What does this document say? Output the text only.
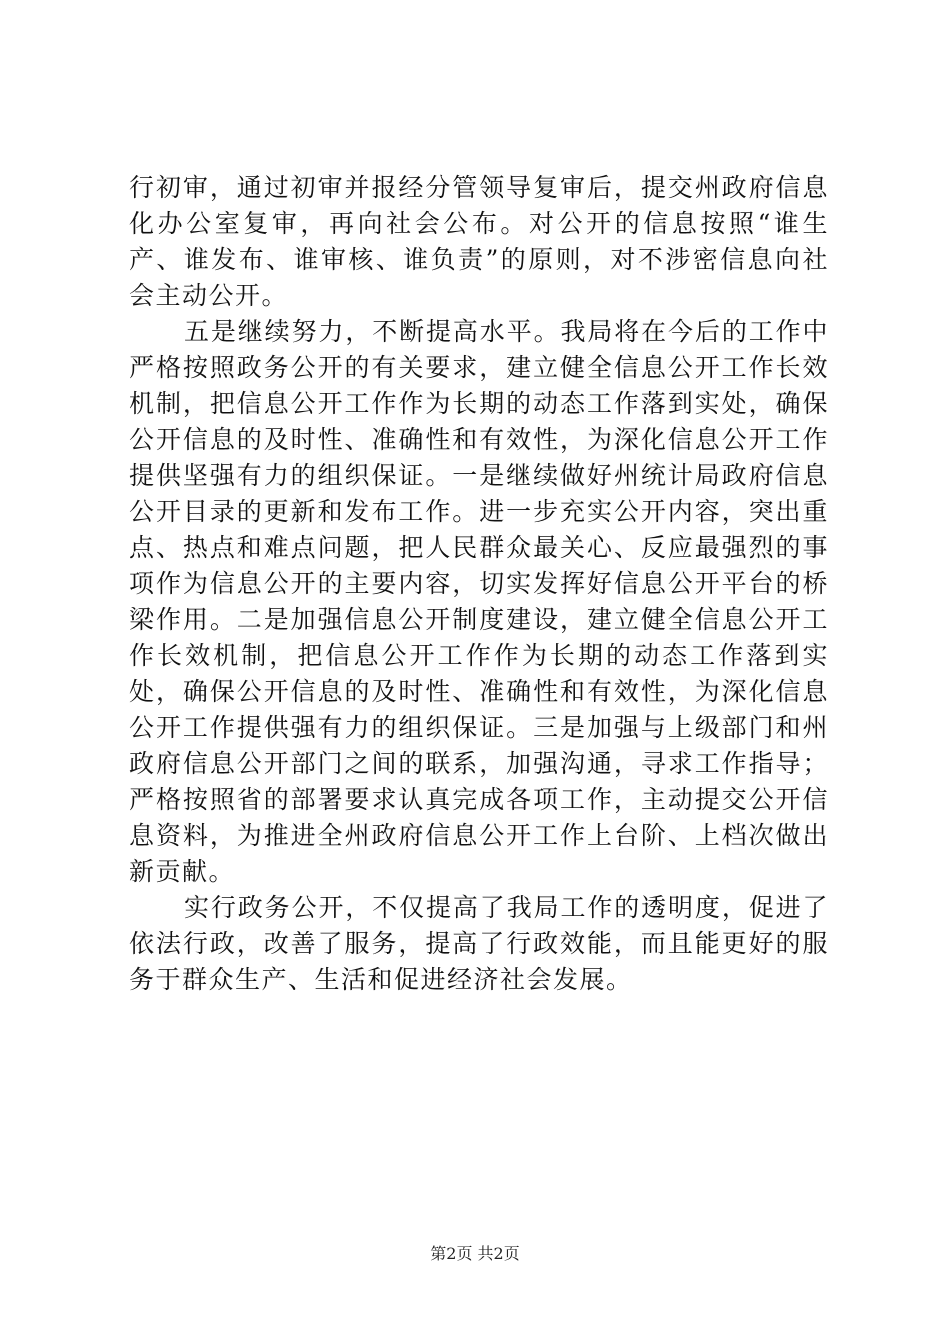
行初审，通过初审并报经分管领导复审后，提交州政府信息化办公室复审，再向社会公布。对公开的信息按照“谁生产、谁发布、谁审核、谁负责”的原则，对不涉密信息向社会主动公开。

五是继续努力，不断提高水平。我局将在今后的工作中严格按照政务公开的有关要求，建立健全信息公开工作长效机制，把信息公开工作作为长期的动态工作落到实处，确保公开信息的及时性、准确性和有效性，为深化信息公开工作提供坚强有力的组织保证。一是继续做好州统计局政府信息公开目录的更新和发布工作。进一步充实公开内容，突出重点、热点和难点问题，把人民群众最关心、反应最强烈的事项作为信息公开的主要内容，切实发挥好信息公开平台的桥梁作用。二是加强信息公开制度建设，建立健全信息公开工作长效机制，把信息公开工作作为长期的动态工作落到实处，确保公开信息的及时性、准确性和有效性，为深化信息公开工作提供强有力的组织保证。三是加强与上级部门和州政府信息公开部门之间的联系，加强沟通，寻求工作指导；严格按照省的部署要求认真完成各项工作，主动提交公开信息资料，为推进全州政府信息公开工作上台阶、上档次做出新贡献。

实行政务公开，不仅提高了我局工作的透明度，促进了依法行政，改善了服务，提高了行政效能，而且能更好的服务于群众生产、生活和促进经济社会发展。

第2页 共2页
